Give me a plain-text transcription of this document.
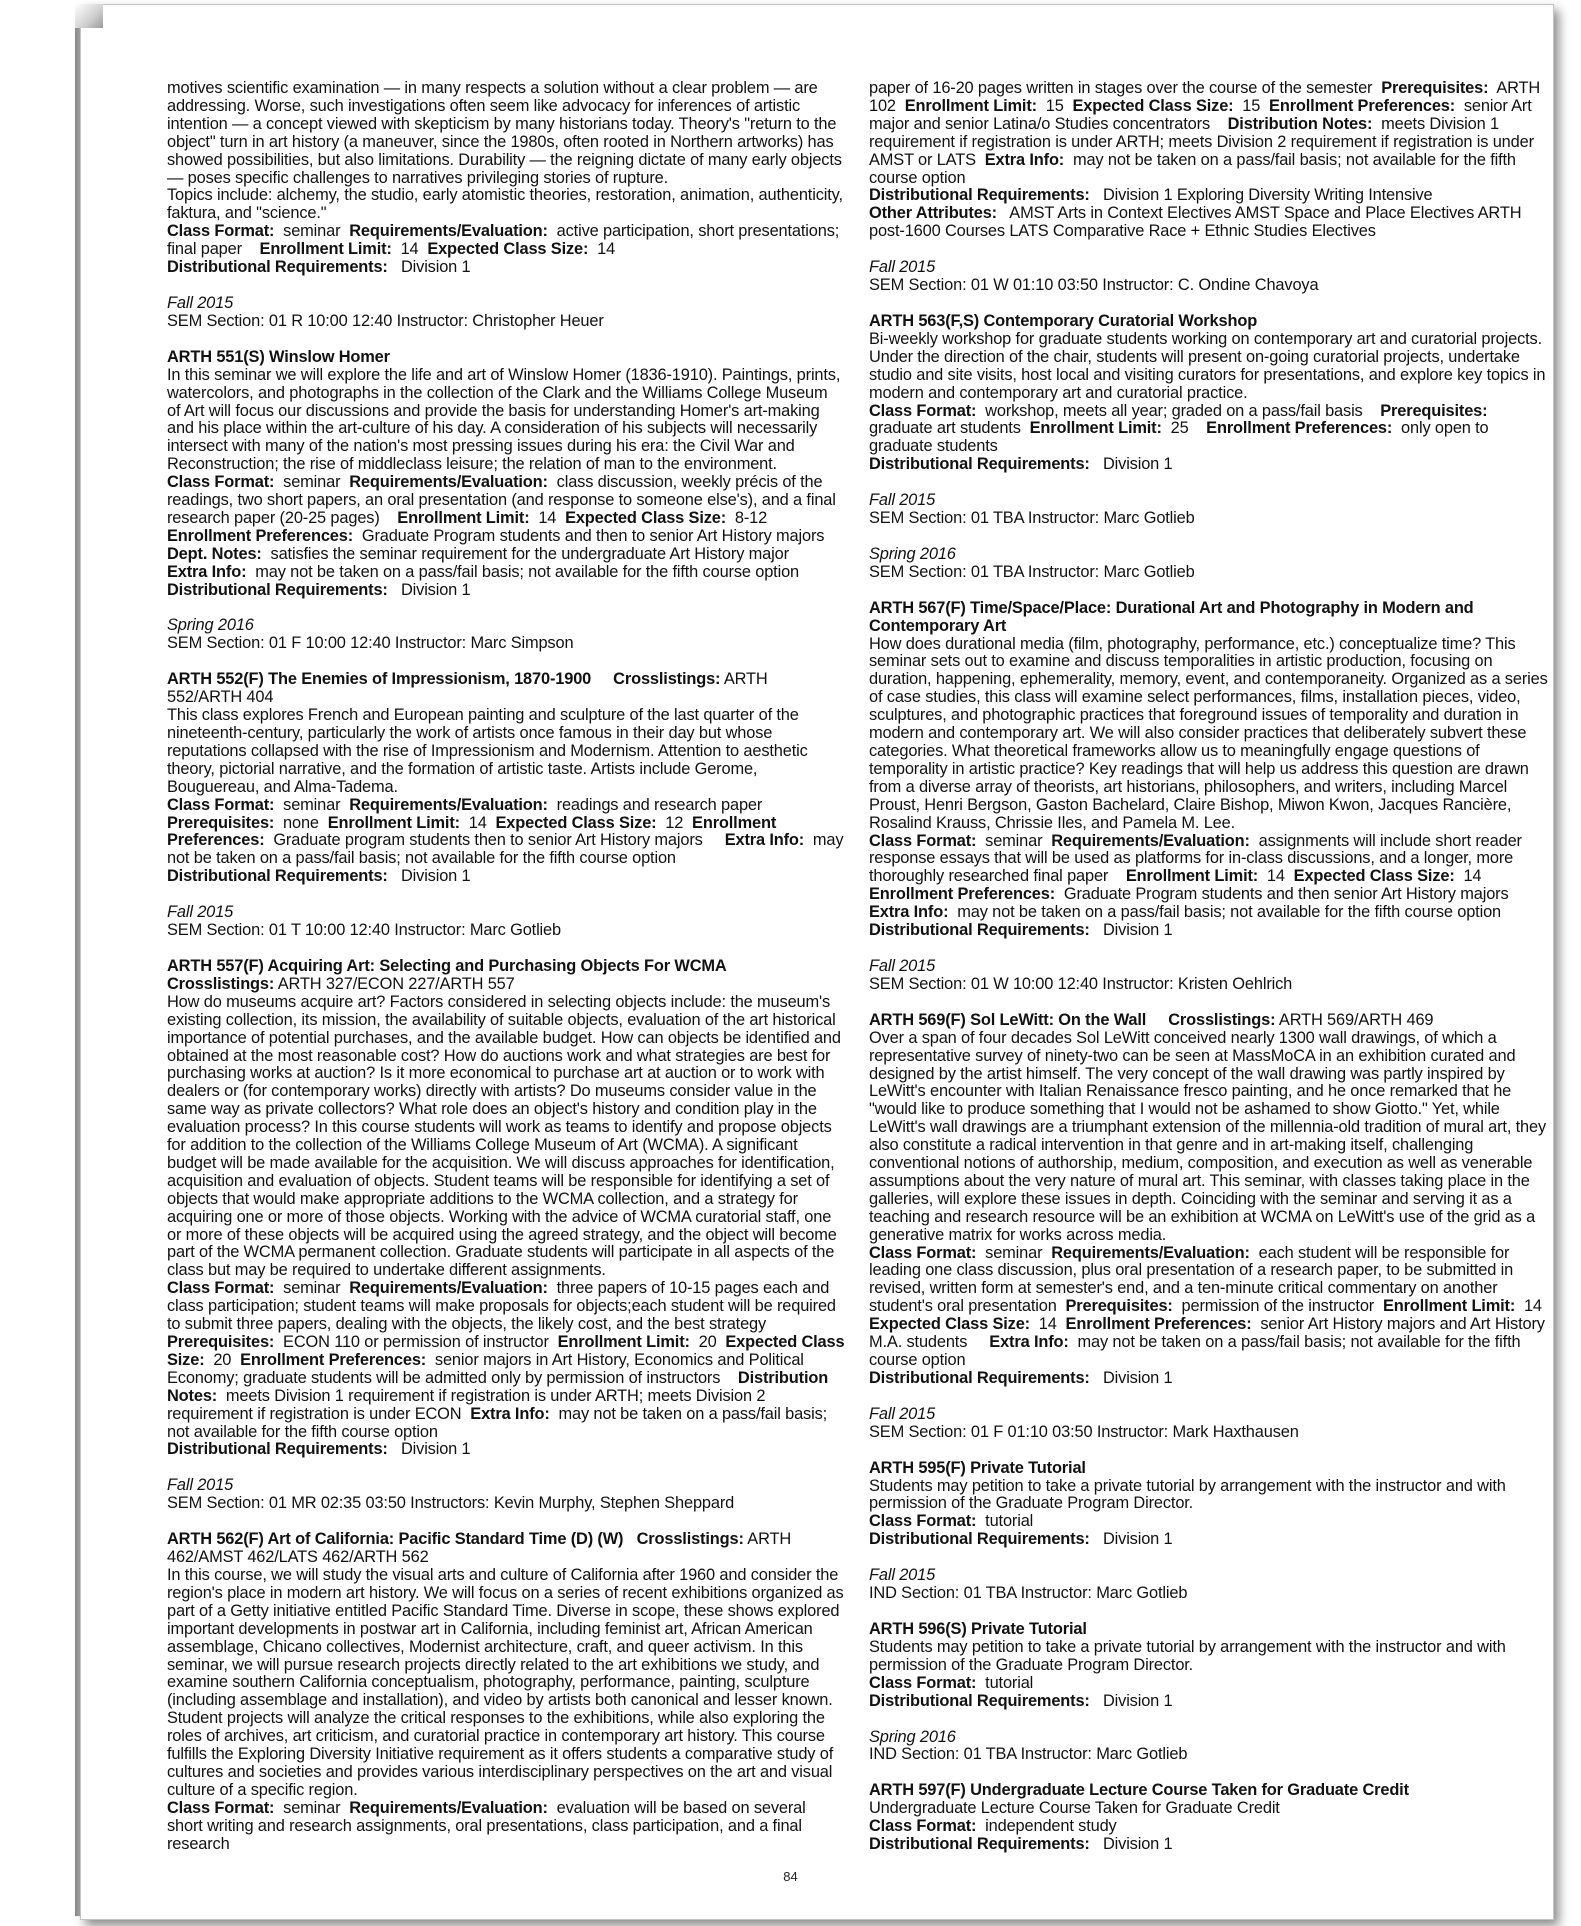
motives scientific examination — in many respects a solution without a clear problem — are addressing. Worse, such investigations often seem like advocacy for inferences of artistic intention — a concept viewed with skepticism by many historians today. Theory's "return to the object" turn in art history (a maneuver, since the 1980s, often rooted in Northern artworks) has showed possibilities, but also limitations. Durability — the reigning dictate of many early objects — poses specific challenges to narratives privileging stories of rupture.
Topics include: alchemy, the studio, early atomistic theories, restoration, animation, authenticity, faktura, and "science."
Class Format: seminar Requirements/Evaluation: active participation, short presentations; final paper Enrollment Limit: 14 Expected Class Size: 14
Distributional Requirements: Division 1
Fall 2015
SEM Section: 01 R 10:00 12:40 Instructor: Christopher Heuer
ARTH 551(S) Winslow Homer
In this seminar we will explore the life and art of Winslow Homer (1836-1910). Paintings, prints, watercolors, and photographs in the collection of the Clark and the Williams College Museum of Art will focus our discussions and provide the basis for understanding Homer's art-making and his place within the art-culture of his day. A consideration of his subjects will necessarily intersect with many of the nation's most pressing issues during his era: the Civil War and Reconstruction; the rise of middleclass leisure; the relation of man to the environment.
Class Format: seminar Requirements/Evaluation: class discussion, weekly précis of the readings, two short papers, an oral presentation (and response to someone else's), and a final research paper (20-25 pages) Enrollment Limit: 14 Expected Class Size: 8-12 Enrollment Preferences: Graduate Program students and then to senior Art History majors Dept. Notes: satisfies the seminar requirement for the undergraduate Art History major    Extra Info: may not be taken on a pass/fail basis; not available for the fifth course option
Distributional Requirements: Division 1
Spring 2016
SEM Section: 01 F 10:00 12:40 Instructor: Marc Simpson
ARTH 552(F) The Enemies of Impressionism, 1870-1900 Crosslistings: ARTH 552/ARTH 404
This class explores French and European painting and sculpture of the last quarter of the nineteenth-century, particularly the work of artists once famous in their day but whose reputations collapsed with the rise of Impressionism and Modernism. Attention to aesthetic theory, pictorial narrative, and the formation of artistic taste. Artists include Gerome, Bouguereau, and Alma-Tadema.
Class Format: seminar Requirements/Evaluation: readings and research paper Prerequisites: none Enrollment Limit: 14 Expected Class Size: 12 Enrollment Preferences: Graduate program students then to senior Art History majors Extra Info: may not be taken on a pass/fail basis; not available for the fifth course option
Distributional Requirements: Division 1
Fall 2015
SEM Section: 01 T 10:00 12:40 Instructor: Marc Gotlieb
ARTH 557(F) Acquiring Art: Selecting and Purchasing Objects For WCMA
Crosslistings: ARTH 327/ECON 227/ARTH 557
How do museums acquire art? Factors considered in selecting objects include: the museum's existing collection, its mission, the availability of suitable objects, evaluation of the art historical importance of potential purchases, and the available budget. How can objects be identified and obtained at the most reasonable cost? How do auctions work and what strategies are best for purchasing works at auction? Is it more economical to purchase art at auction or to work with dealers or (for contemporary works) directly with artists? Do museums consider value in the same way as private collectors? What role does an object's history and condition play in the evaluation process? In this course students will work as teams to identify and propose objects for addition to the collection of the Williams College Museum of Art (WCMA). A significant budget will be made available for the acquisition. We will discuss approaches for identification, acquisition and evaluation of objects. Student teams will be responsible for identifying a set of objects that would make appropriate additions to the WCMA collection, and a strategy for acquiring one or more of those objects. Working with the advice of WCMA curatorial staff, one or more of these objects will be acquired using the agreed strategy, and the object will become part of the WCMA permanent collection. Graduate students will participate in all aspects of the class but may be required to undertake different assignments.
Class Format: seminar Requirements/Evaluation: three papers of 10-15 pages each and class participation; student teams will make proposals for objects;each student will be required to submit three papers, dealing with the objects, the likely cost, and the best strategy Prerequisites: ECON 110 or permission of instructor Enrollment Limit: 20 Expected Class Size: 20 Enrollment Preferences: senior majors in Art History, Economics and Political Economy; graduate students will be admitted only by permission of instructors Distribution Notes: meets Division 1 requirement if registration is under ARTH; meets Division 2 requirement if registration is under ECON Extra Info: may not be taken on a pass/fail basis; not available for the fifth course option
Distributional Requirements: Division 1
Fall 2015
SEM Section: 01 MR 02:35 03:50 Instructors: Kevin Murphy, Stephen Sheppard
ARTH 562(F) Art of California: Pacific Standard Time (D) (W) Crosslistings: ARTH 462/AMST 462/LATS 462/ARTH 562
In this course, we will study the visual arts and culture of California after 1960 and consider the region's place in modern art history. We will focus on a series of recent exhibitions organized as part of a Getty initiative entitled Pacific Standard Time. Diverse in scope, these shows explored important developments in postwar art in California, including feminist art, African American assemblage, Chicano collectives, Modernist architecture, craft, and queer activism. In this seminar, we will pursue research projects directly related to the art exhibitions we study, and examine southern California conceptualism, photography, performance, painting, sculpture (including assemblage and installation), and video by artists both canonical and lesser known. Student projects will analyze the critical responses to the exhibitions, while also exploring the roles of archives, art criticism, and curatorial practice in contemporary art history. This course fulfills the Exploring Diversity Initiative requirement as it offers students a comparative study of cultures and societies and provides various interdisciplinary perspectives on the art and visual culture of a specific region.
Class Format: seminar Requirements/Evaluation: evaluation will be based on several short writing and research assignments, oral presentations, class participation, and a final research
paper of 16-20 pages written in stages over the course of the semester Prerequisites: ARTH 102 Enrollment Limit: 15 Expected Class Size: 15 Enrollment Preferences: senior Art major and senior Latina/o Studies concentrators Distribution Notes: meets Division 1 requirement if registration is under ARTH; meets Division 2 requirement if registration is under AMST or LATS Extra Info: may not be taken on a pass/fail basis; not available for the fifth course option
Distributional Requirements: Division 1 Exploring Diversity Writing Intensive
Other Attributes: AMST Arts in Context Electives AMST Space and Place Electives ARTH post-1600 Courses LATS Comparative Race + Ethnic Studies Electives
Fall 2015
SEM Section: 01 W 01:10 03:50 Instructor: C. Ondine Chavoya
ARTH 563(F,S) Contemporary Curatorial Workshop
Bi-weekly workshop for graduate students working on contemporary art and curatorial projects. Under the direction of the chair, students will present on-going curatorial projects, undertake studio and site visits, host local and visiting curators for presentations, and explore key topics in modern and contemporary art and curatorial practice.
Class Format: workshop, meets all year; graded on a pass/fail basis Prerequisites:  graduate art students Enrollment Limit: 25 Enrollment Preferences: only open to graduate students
Distributional Requirements: Division 1
Fall 2015
SEM Section: 01 TBA Instructor: Marc Gotlieb
Spring 2016
SEM Section: 01 TBA Instructor: Marc Gotlieb
ARTH 567(F) Time/Space/Place: Durational Art and Photography in Modern and Contemporary Art
How does durational media (film, photography, performance, etc.) conceptualize time? This seminar sets out to examine and discuss temporalities in artistic production, focusing on duration, happening, ephemerality, memory, event, and contemporaneity. Organized as a series of case studies, this class will examine select performances, films, installation pieces, video, sculptures, and photographic practices that foreground issues of temporality and duration in modern and contemporary art. We will also consider practices that deliberately subvert these categories. What theoretical frameworks allow us to meaningfully engage questions of temporality in artistic practice? Key readings that will help us address this question are drawn from a diverse array of theorists, art historians, philosophers, and writers, including Marcel Proust, Henri Bergson, Gaston Bachelard, Claire Bishop, Miwon Kwon, Jacques Rancière, Rosalind Krauss, Chrissie Iles, and Pamela M. Lee.
Class Format: seminar Requirements/Evaluation: assignments will include short reader response essays that will be used as platforms for in-class discussions, and a longer, more thoroughly researched final paper Enrollment Limit: 14 Expected Class Size: 14 Enrollment Preferences: Graduate Program students and then senior Art History majors Extra Info: may not be taken on a pass/fail basis; not available for the fifth course option
Distributional Requirements: Division 1
Fall 2015
SEM Section: 01 W 10:00 12:40 Instructor: Kristen Oehlrich
ARTH 569(F) Sol LeWitt: On the Wall Crosslistings: ARTH 569/ARTH 469
Over a span of four decades Sol LeWitt conceived nearly 1300 wall drawings, of which a representative survey of ninety-two can be seen at MassMoCA in an exhibition curated and designed by the artist himself. The very concept of the wall drawing was partly inspired by LeWitt's encounter with Italian Renaissance fresco painting, and he once remarked that he "would like to produce something that I would not be ashamed to show Giotto." Yet, while LeWitt's wall drawings are a triumphant extension of the millennia-old tradition of mural art, they also constitute a radical intervention in that genre and in art-making itself, challenging conventional notions of authorship, medium, composition, and execution as well as venerable assumptions about the very nature of mural art. This seminar, with classes taking place in the galleries, will explore these issues in depth. Coinciding with the seminar and serving it as a teaching and research resource will be an exhibition at WCMA on LeWitt's use of the grid as a generative matrix for works across media.
Class Format: seminar Requirements/Evaluation: each student will be responsible for leading one class discussion, plus oral presentation of a research paper, to be submitted in revised, written form at semester's end, and a ten-minute critical commentary on another student's oral presentation Prerequisites: permission of the instructor Enrollment Limit: 14 Expected Class Size: 14 Enrollment Preferences: senior Art History majors and Art History M.A. students Extra Info: may not be taken on a pass/fail basis; not available for the fifth course option
Distributional Requirements: Division 1
Fall 2015
SEM Section: 01 F 01:10 03:50 Instructor: Mark Haxthausen
ARTH 595(F) Private Tutorial
Students may petition to take a private tutorial by arrangement with the instructor and with permission of the Graduate Program Director.
Class Format: tutorial
Distributional Requirements: Division 1
Fall 2015
IND Section: 01 TBA Instructor: Marc Gotlieb
ARTH 596(S) Private Tutorial
Students may petition to take a private tutorial by arrangement with the instructor and with permission of the Graduate Program Director.
Class Format: tutorial
Distributional Requirements: Division 1
Spring 2016
IND Section: 01 TBA Instructor: Marc Gotlieb
ARTH 597(F) Undergraduate Lecture Course Taken for Graduate Credit
Undergraduate Lecture Course Taken for Graduate Credit
Class Format: independent study
Distributional Requirements: Division 1
84
